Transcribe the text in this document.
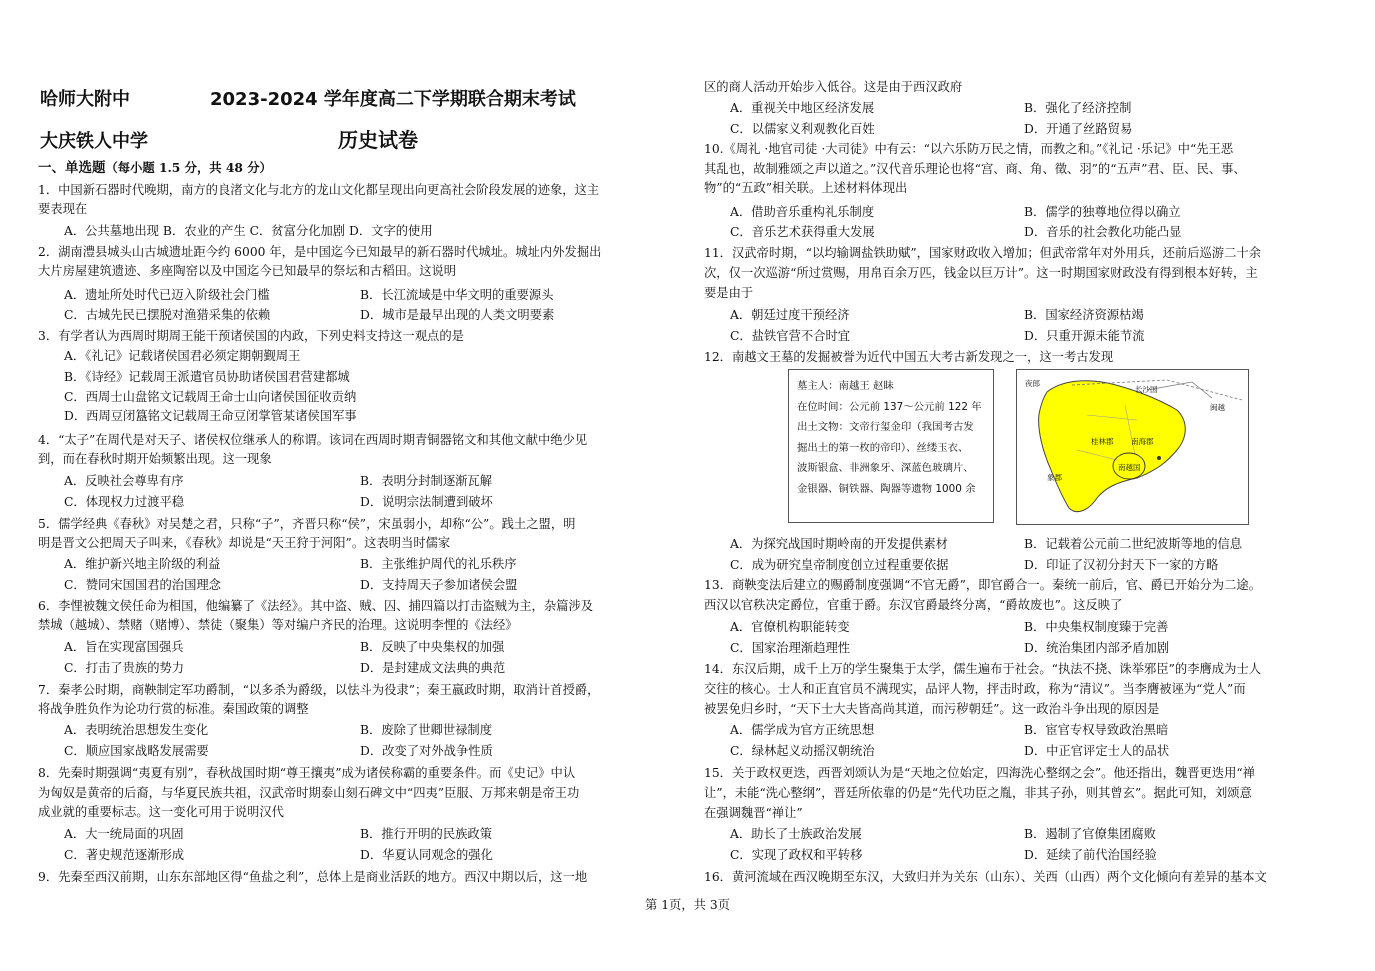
哈师大附中	2023-2024 学年度高二下学期联合期末考试
大庆铁人中学	历史试卷
一、单选题（每小题 1.5 分，共 48 分）
1．中国新石器时代晚期，南方的良渚文化与北方的龙山文化都呈现出向更高社会阶段发展的迹象，这主
要表现在
A．公共墓地出现 B．农业的产生 C．贫富分化加剧 D．文字的使用
2．湖南澧县城头山古城遗址距今约 6000 年，是中国迄今已知最早的新石器时代城址。城址内外发掘出
大片房屋建筑遗迹、多座陶窑以及中国迄今已知最早的祭坛和古稻田。这说明
A．遗址所处时代已迈入阶级社会门槛	B．长江流域是中华文明的重要源头
C．古城先民已摆脱对渔猎采集的依赖	D．城市是最早出现的人类文明要素
3．有学者认为西周时期周王能干预诸侯国的内政，下列史料支持这一观点的是
A．《礼记》记载诸侯国君必须定期朝觐周王
B．《诗经》记载周王派遣官员协助诸侯国君营建都城
C．西周士山盘铭文记载周王命士山向诸侯国征收贡纳
D．西周豆闭簋铭文记载周王命豆闭掌管某诸侯国军事
4．“太子”在周代是对天子、诸侯权位继承人的称谓。该词在西周时期青铜器铭文和其他文献中绝少见
到，而在春秋时期开始频繁出现。这一现象
A．反映社会尊卑有序	B．表明分封制逐渐瓦解
C．体现权力过渡平稳	D．说明宗法制遭到破坏
5．儒学经典《春秋》对吴楚之君，只称“子”，齐晋只称“侯”，宋虽弱小，却称“公”。践土之盟，明
明是晋文公把周天子叫来，《春秋》却说是“天王狩于河阳”。这表明当时儒家
A．维护新兴地主阶级的利益	B．主张维护周代的礼乐秩序
C．赞同宋国国君的治国理念	D．支持周天子参加诸侯会盟
6．李悝被魏文侯任命为相国，他编纂了《法经》。其中盗、贼、囚、捕四篇以打击盗贼为主，杂篇涉及
禁城（越城）、禁赌（赌博）、禁徒（聚集）等对编户齐民的治理。这说明李悝的《法经》
A．旨在实现富国强兵	B．反映了中央集权的加强
C．打击了贵族的势力	D．是封建成文法典的典范
7．秦孝公时期，商鞅制定军功爵制，“以多杀为爵级，以怯斗为役隶”；秦王嬴政时期，取消计首授爵，
将战争胜负作为论功行赏的标准。秦国政策的调整
A．表明统治思想发生变化	B．废除了世卿世禄制度
C．顺应国家战略发展需要	D．改变了对外战争性质
8．先秦时期强调“夷夏有别”，春秋战国时期“尊王攘夷”成为诸侯称霸的重要条件。而《史记》中认
为匈奴是黄帝的后裔，与华夏民族共祖，汉武帝时期泰山刻石碑文中“四夷”臣服、万邦来朝是帝王功
成业就的重要标志。这一变化可用于说明汉代
A．大一统局面的巩固	B．推行开明的民族政策
C．著史规范逐渐形成	D．华夏认同观念的强化
9．先秦至西汉前期，山东东部地区得“鱼盐之利”，总体上是商业活跃的地方。西汉中期以后，这一地
区的商人活动开始步入低谷。这是由于西汉政府
A．重视关中地区经济发展	B．强化了经济控制
C．以儒家义利观教化百姓	D．开通了丝路贸易
10.《周礼 ·地官司徒 ·大司徒》中有云：“以六乐防万民之情，而教之和。”《礼记 ·乐记》中“先王恶
其乱也，故制雅颂之声以道之。”汉代音乐理论也将“宫、商、角、徵、羽”的“五声”君、臣、民、事、
物”的“五政”相关联。上述材料体现出
A．借助音乐重构礼乐制度	B．儒学的独尊地位得以确立
C．音乐艺术获得重大发展	D．音乐的社会教化功能凸显
11．汉武帝时期，“以均输调盐铁助赋”，国家财政收入增加；但武帝常年对外用兵，还前后巡游二十余
次，仅一次巡游“所过赏赐，用帛百余万匹，钱金以巨万计”。这一时期国家财政没有得到根本好转，主
要是由于
A．朝廷过度干预经济	B．国家经济资源枯竭
C．盐铁官营不合时宜	D．只重开源未能节流
12．南越文王墓的发掘被誉为近代中国五大考古新发现之一，这一考古发现
A．为探究战国时期岭南的开发提供素材	B．记载着公元前二世纪波斯等地的信息
C．成为研究皇帝制度创立过程重要依据	D．印证了汉初分封天下一家的方略
13．商鞅变法后建立的赐爵制度强调“不官无爵”，即官爵合一。秦统一前后，官、爵已开始分为二途。
西汉以官秩决定爵位，官重于爵。东汉官爵最终分离，“爵故废也”。这反映了
A．官僚机构职能转变	B．中央集权制度臻于完善
C．国家治理渐趋理性	D．统治集团内部矛盾加剧
14．东汉后期，成千上万的学生聚集于太学，儒生遍布于社会。“执法不挠、诛举邪臣”的李膺成为士人
交往的核心。士人和正直官员不满现实，品评人物，抨击时政，称为“清议”。当李膺被诬为“党人”而
被罢免归乡时，“天下士大夫皆高尚其道，而污秽朝廷”。这一政治斗争出现的原因是
A．儒学成为官方正统思想	B．宦官专权导致政治黑暗
C．绿林起义动摇汉朝统治	D．中正官评定士人的品状
15．关于政权更迭，西晋刘颂认为是“天地之位始定，四海洗心整纲之会”。他还指出，魏晋更迭用“禅
让”，未能“洗心整纲”，晋廷所依靠的仍是“先代功臣之胤，非其子孙，则其曾玄”。据此可知，刘颂意
在强调魏晋“禅让”
A．助长了士族政治发展	B．遏制了官僚集团腐败
C．实现了政权和平转移	D．延续了前代治国经验
16．黄河流域在西汉晚期至东汉，大致归并为关东（山东）、关西（山西）两个文化倾向有差异的基本文
墓主人：南越王 赵眛
在位时间：公元前 137～公元前 122 年
出土文物：文帝行玺金印（我国考古发
掘出土的第一枚的帝印）、丝缕玉衣、
波斯银盒、非洲象牙、深蓝色玻璃片、
金银器、铜铁器、陶器等遗物 1000 余
夜郎
长沙国
闽越
桂林郡 南海郡
南越国
象郡
第 1页，共 3页
